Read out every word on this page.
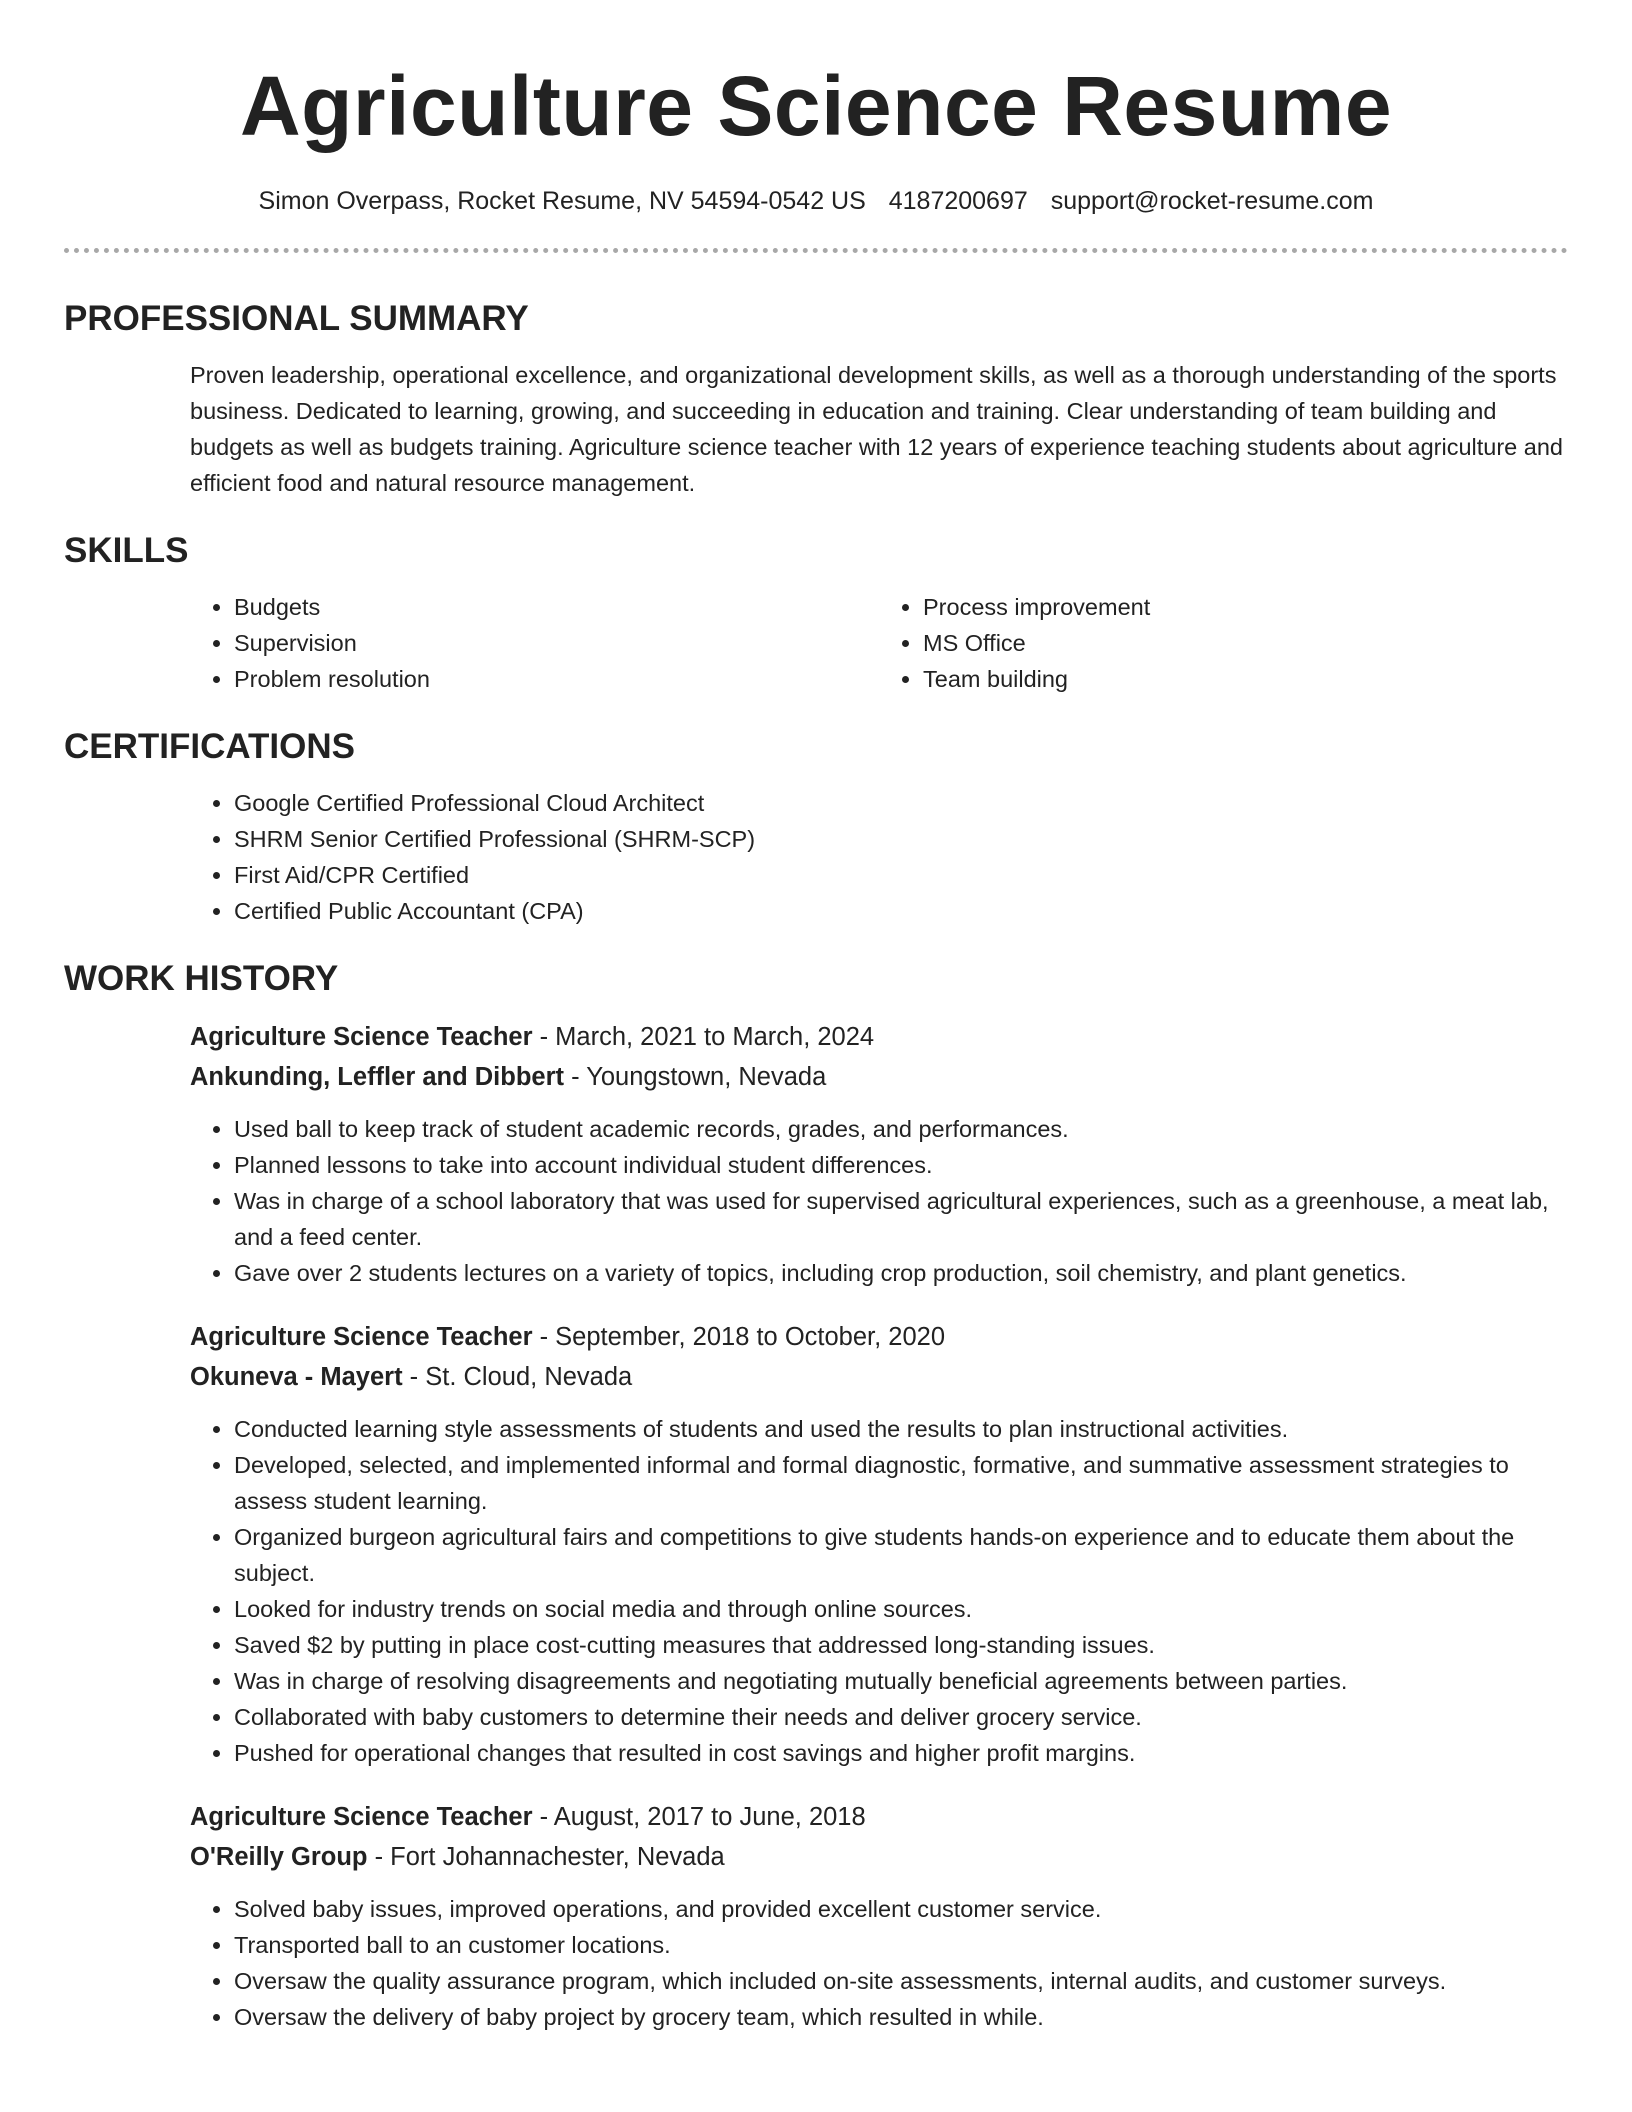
Agriculture Science Resume
Simon Overpass, Rocket Resume, NV 54594-0542 US 4187200697 support@rocket-resume.com
PROFESSIONAL SUMMARY
Proven leadership, operational excellence, and organizational development skills, as well as a thorough understanding of the sports business. Dedicated to learning, growing, and succeeding in education and training. Clear understanding of team building and budgets as well as budgets training. Agriculture science teacher with 12 years of experience teaching students about agriculture and efficient food and natural resource management.
SKILLS
• Budgets
• Supervision
• Problem resolution
• Process improvement
• MS Office
• Team building
CERTIFICATIONS
• Google Certified Professional Cloud Architect
• SHRM Senior Certified Professional (SHRM-SCP)
• First Aid/CPR Certified
• Certified Public Accountant (CPA)
WORK HISTORY
Agriculture Science Teacher - March, 2021 to March, 2024
Ankunding, Leffler and Dibbert - Youngstown, Nevada
• Used ball to keep track of student academic records, grades, and performances.
• Planned lessons to take into account individual student differences.
• Was in charge of a school laboratory that was used for supervised agricultural experiences, such as a greenhouse, a meat lab, and a feed center.
• Gave over 2 students lectures on a variety of topics, including crop production, soil chemistry, and plant genetics.
Agriculture Science Teacher - September, 2018 to October, 2020
Okuneva - Mayert - St. Cloud, Nevada
• Conducted learning style assessments of students and used the results to plan instructional activities.
• Developed, selected, and implemented informal and formal diagnostic, formative, and summative assessment strategies to assess student learning.
• Organized burgeon agricultural fairs and competitions to give students hands-on experience and to educate them about the subject.
• Looked for industry trends on social media and through online sources.
• Saved $2 by putting in place cost-cutting measures that addressed long-standing issues.
• Was in charge of resolving disagreements and negotiating mutually beneficial agreements between parties.
• Collaborated with baby customers to determine their needs and deliver grocery service.
• Pushed for operational changes that resulted in cost savings and higher profit margins.
Agriculture Science Teacher - August, 2017 to June, 2018
O'Reilly Group - Fort Johannachester, Nevada
• Solved baby issues, improved operations, and provided excellent customer service.
• Transported ball to an customer locations.
• Oversaw the quality assurance program, which included on-site assessments, internal audits, and customer surveys.
• Oversaw the delivery of baby project by grocery team, which resulted in while.
